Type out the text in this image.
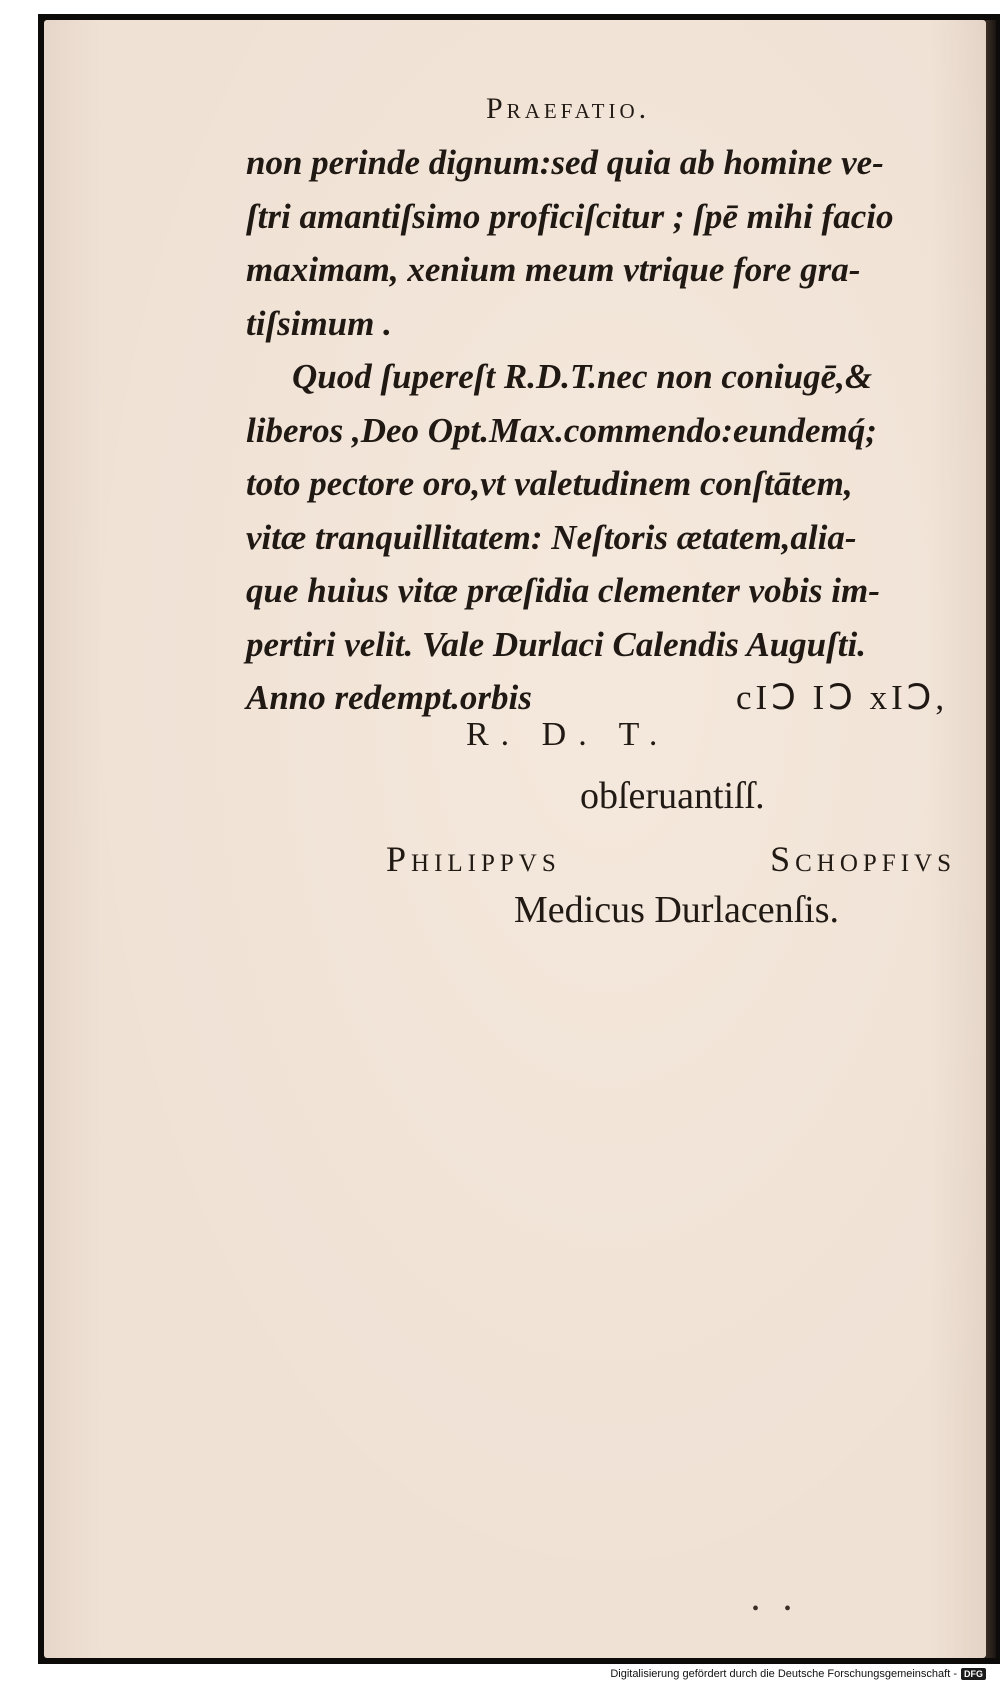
Praefatio.
non perinde dignum:sed quia ab homine ve-
ſtri amantiſsimo proficiſcitur ; ſpē mihi facio
maximam, xenium meum vtrique fore gra-
tiſsimum .
Quod ſupereſt R.D.T.nec non coniugē,&
liberos ,Deo Opt.Max.commendo:eundemq́;
toto pectore oro,vt valetudinem conſtātem,
vitæ tranquillitatem: Neſtoris ætatem,alia-
que huius vitæ præſidia clementer vobis im-
pertiri velit. Vale Durlaci Calendis Auguſti.
Anno redempt.orbis	cIↃ IↃ xIↃ,
R. D. T.
obſeruantiſſ.
Philippvs	Schopfivs
Medicus Durlacenſis.
• •
Digitalisierung gefördert durch die Deutsche Forschungsgemeinschaft - DFG
